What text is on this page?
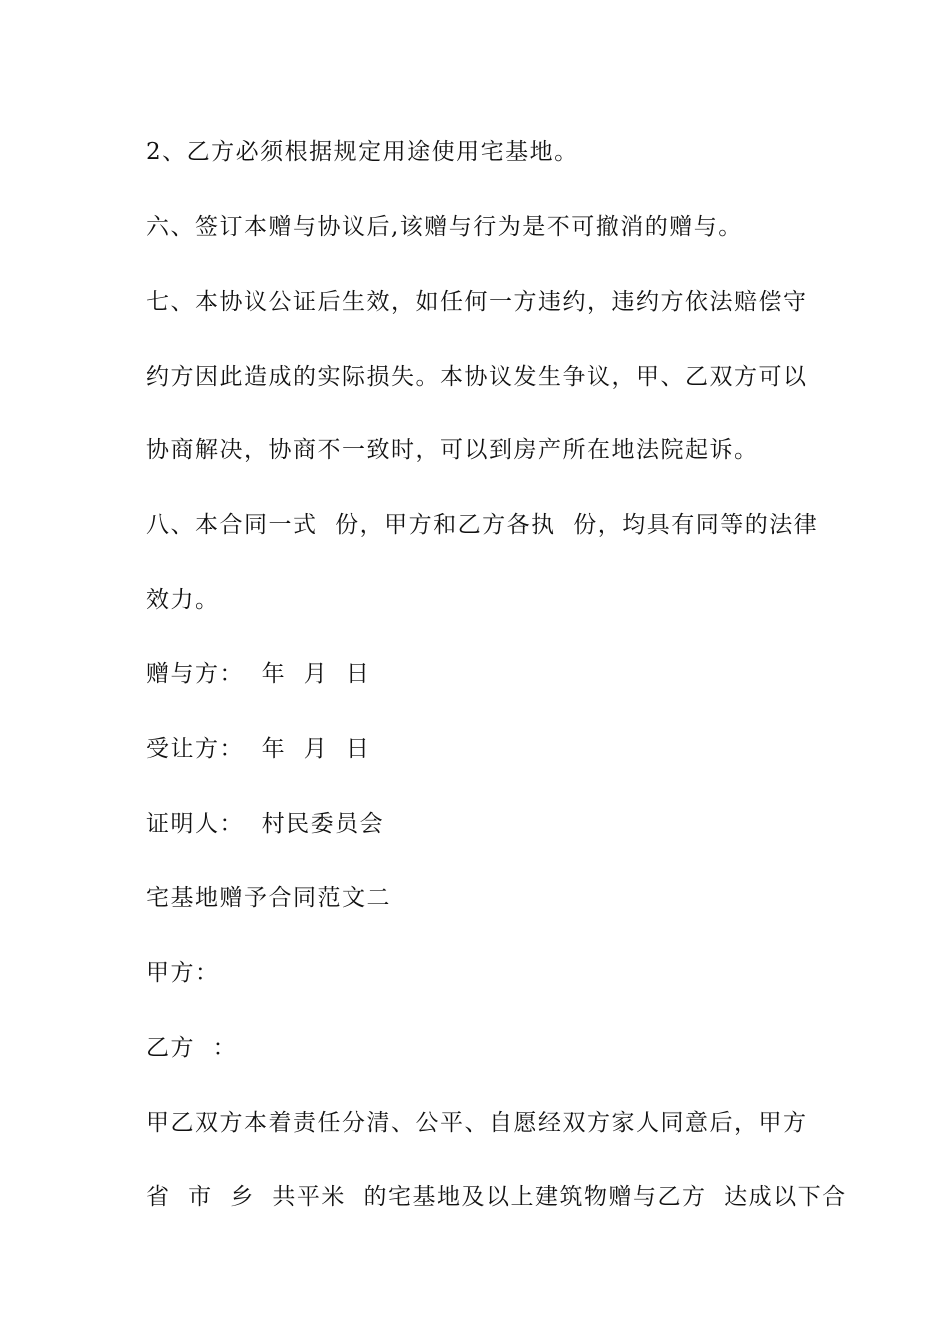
2、乙方必须根据规定用途使用宅基地。

六、签订本赠与协议后,该赠与行为是不可撤消的赠与。

七、本协议公证后生效，如任何一方违约，违约方依法赔偿守

约方因此造成的实际损失。本协议发生争议，甲、乙双方可以

协商解决，协商不一致时，可以到房产所在地法院起诉。

八、本合同一式  份，甲方和乙方各执  份，均具有同等的法律

效力。

赠与方：  年  月  日

受让方：  年  月  日

证明人：  村民委员会

宅基地赠予合同范文二

甲方：

乙方  ：

甲乙双方本着责任分清、公平、自愿经双方家人同意后，甲方

省  市  乡  共平米  的宅基地及以上建筑物赠与乙方  达成以下合
